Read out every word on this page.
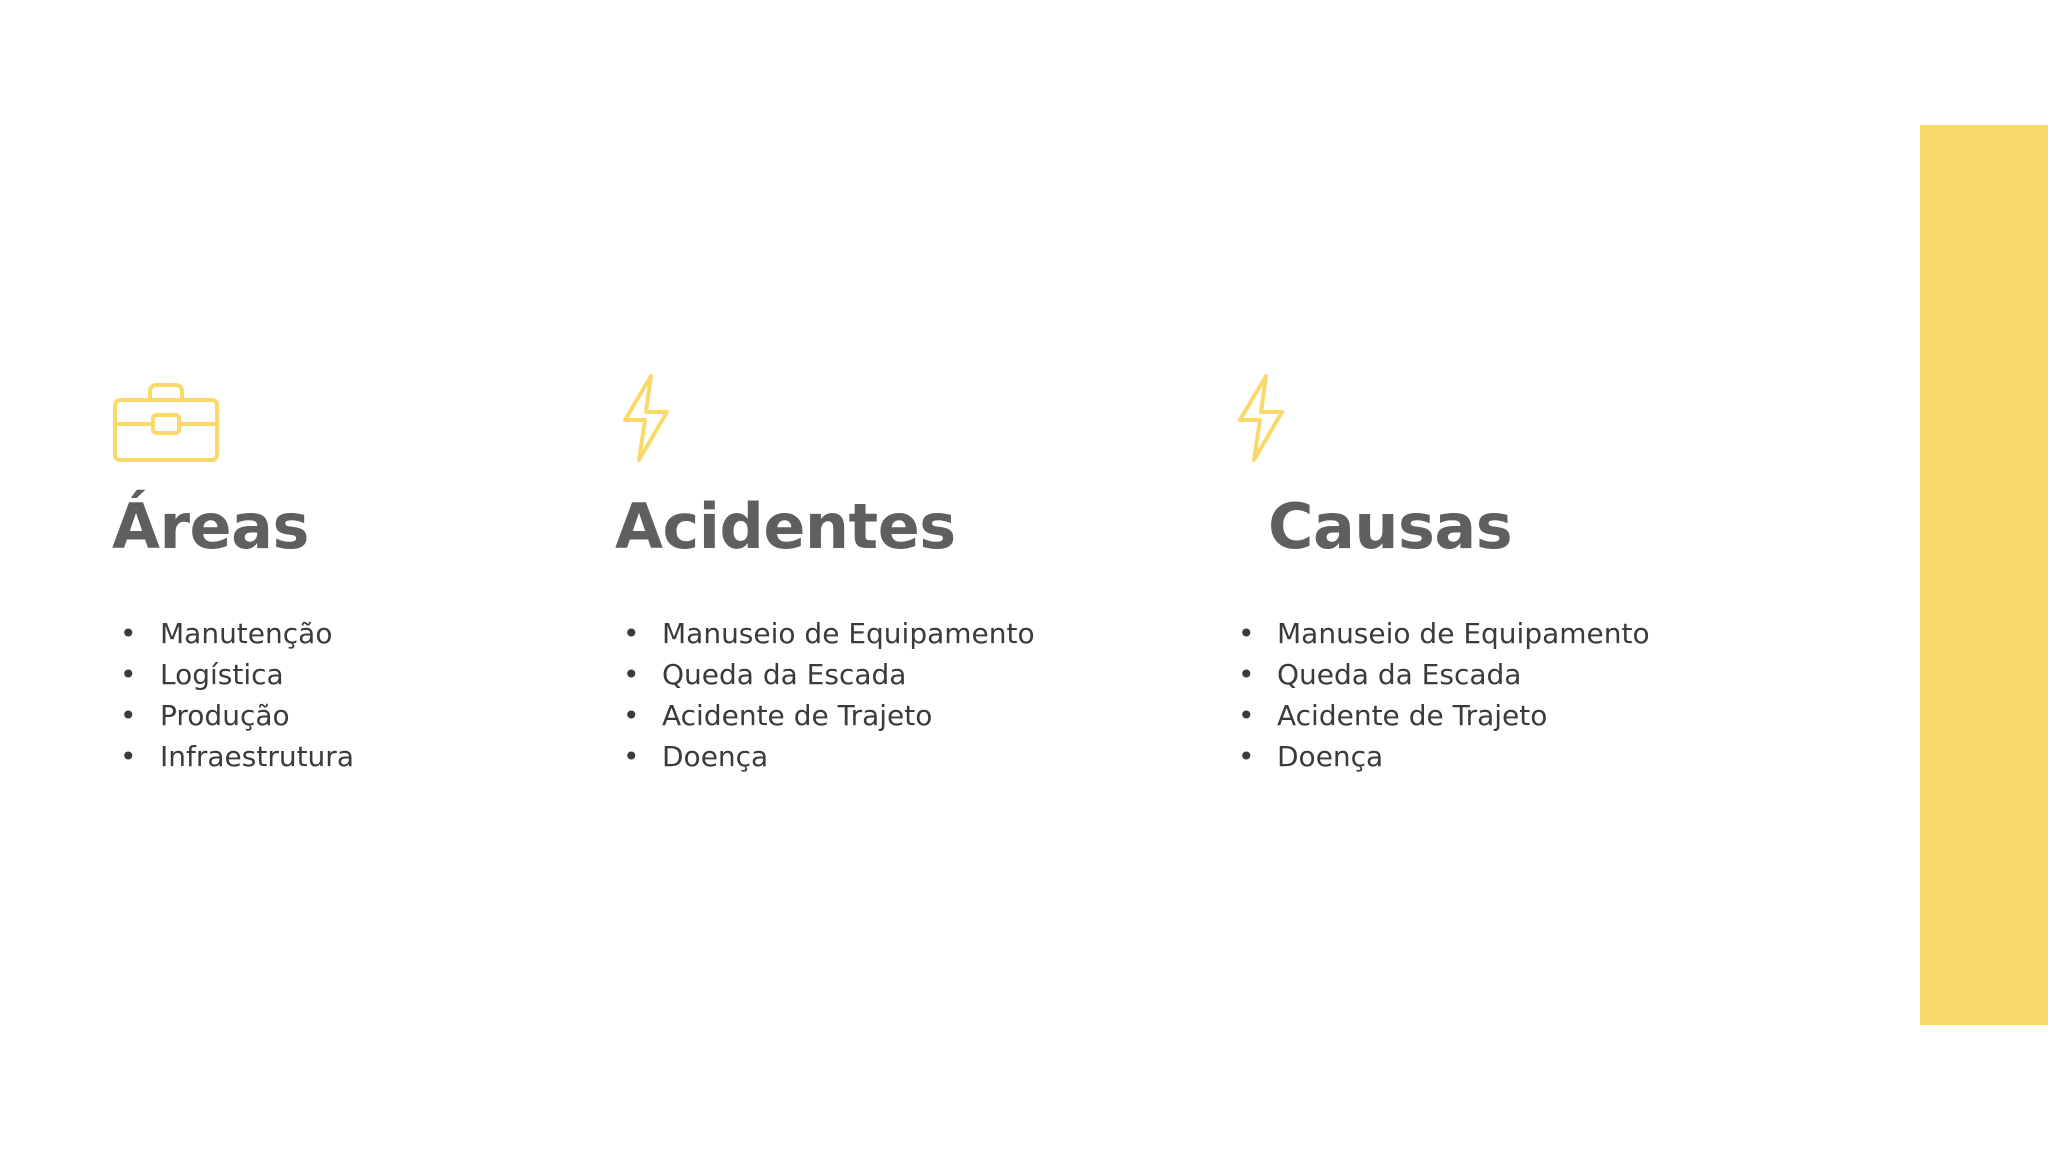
Áreas
• Manutenção
• Logística
• Produção
• Infraestrutura
Acidentes
• Manuseio de Equipamento
• Queda da Escada
• Acidente de Trajeto
• Doença
Causas
• Manuseio de Equipamento
• Queda da Escada
• Acidente de Trajeto
• Doença
